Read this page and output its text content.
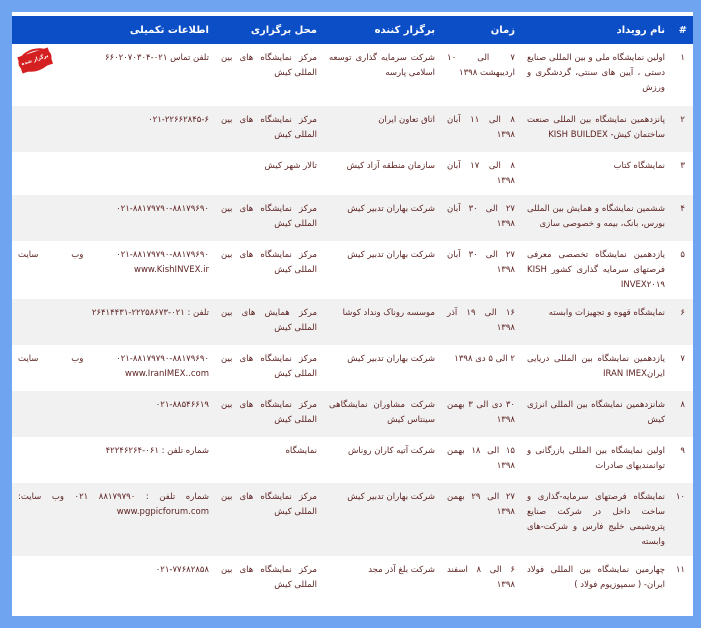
#	نام رویداد	زمان	برگزار کننده	محل برگزاری	اطلاعات تکمیلی
۱	اولین نمایشگاه ملی و بین المللی صنایع دستی ، آیین های سنتی، گردشگری و ورزش	۷ الی ۱۰ اردیبهشت ۱۳۹۸	شرکت سرمایه گذاری توسعه اسلامی پارسه	مرکز نمایشگاه های بین المللی کیش	تلفن تماس ۰۲۱-۶۶۰۲۰۷۰۳۰۴
برگزار شده

۲	پانزدهمین نمایشگاه بین المللی صنعت ساختمان کیش- KISH BUILDEX	۸ الی ۱۱ آبان ۱۳۹۸	اتاق تعاون ایران	مرکز نمایشگاه های بین المللی کیش	۰۲۱-۲۲۶۶۲۸۴۵-۶
۳	نمایشگاه کتاب	۸ الی ۱۷ آبان ۱۳۹۸	سازمان منطقه آزاد کیش	تالار شهر کیش	
۴	ششمین نمایشگاه و همایش بین المللی بورس، بانک، بیمه و خصوصی سازی	۲۷ الی ۳۰ آبان ۱۳۹۸	شرکت بهاران تدبیر کیش	مرکز نمایشگاه های بین المللی کیش	۰۲۱-۸۸۱۷۹۷۹۰-۸۸۱۷۹۶۹۰
۵	یازدهمین نمایشگاه تخصصی معرفی فرصتهای سرمایه گذاری کشور KISH INVEX۲۰۱۹	۲۷ الی ۳۰ آبان ۱۳۹۸	شرکت بهاران تدبیر کیش	مرکز نمایشگاه های بین المللی کیش	۰۲۱-۸۸۱۷۹۷۹۰-۸۸۱۷۹۶۹۰ وب سایت www.KishINVEX.ir
۶	نمایشگاه قهوه و تجهیزات وابسته	۱۶ الی ۱۹ آذر ۱۳۹۸	موسسه روناک ونداد کوشا	مرکز همایش های بین المللی کیش	تلفن : ۰۲۱-۲۲۲۵۸۶۷۳-۲۶۴۱۴۴۳۱
۷	یازدهمین نمایشگاه بین المللی دریایی ایرانIRAN IMEX	۲ الی ۵ دی ۱۳۹۸	شرکت بهاران تدبیر کیش	مرکز نمایشگاه های بین المللی کیش	۰۲۱-۸۸۱۷۹۷۹۰-۸۸۱۷۹۶۹۰ وب سایت www.IranIMEX..com
۸	شانزدهمین نمایشگاه بین المللی انرژی کیش	۳۰ دی الی ۳ بهمن ۱۳۹۸	شرکت مشاوران نمایشگاهی سینتاس کیش	مرکز نمایشگاه های بین المللی کیش	۰۲۱-۸۸۵۴۶۶۱۹
۹	اولین نمایشگاه بین المللی بازرگانی و توانمندیهای صادرات	۱۵ الی ۱۸ بهمن ۱۳۹۸	شرکت آتیه کاران روناش	نمایشگاه	شماره تلفن : ۰۶۱-۴۲۲۴۶۲۶۴
۱۰	نمایشگاه فرصتهای سرمایه-گذاری و ساخت داخل در شرکت صنایع پتروشیمی خلیج فارس و شرکت-های وابسته	۲۷ الی ۲۹ بهمن ۱۳۹۸	شرکت بهاران تدبیر کیش	مرکز نمایشگاه های بین المللی کیش	شماره تلفن : ۸۸۱۷۹۷۹۰ ۰۲۱ وب سایت: www.pgpicforum.com
۱۱	چهارمین نمایشگاه بین المللی فولاد ایران- ( سمپوزیوم فولاد )	۶ الی ۸ اسفند ۱۳۹۸	شرکت بلغ آذر مجد	مرکز نمایشگاه های بین المللی کیش	۰۲۱-۷۷۶۸۲۸۵۸
